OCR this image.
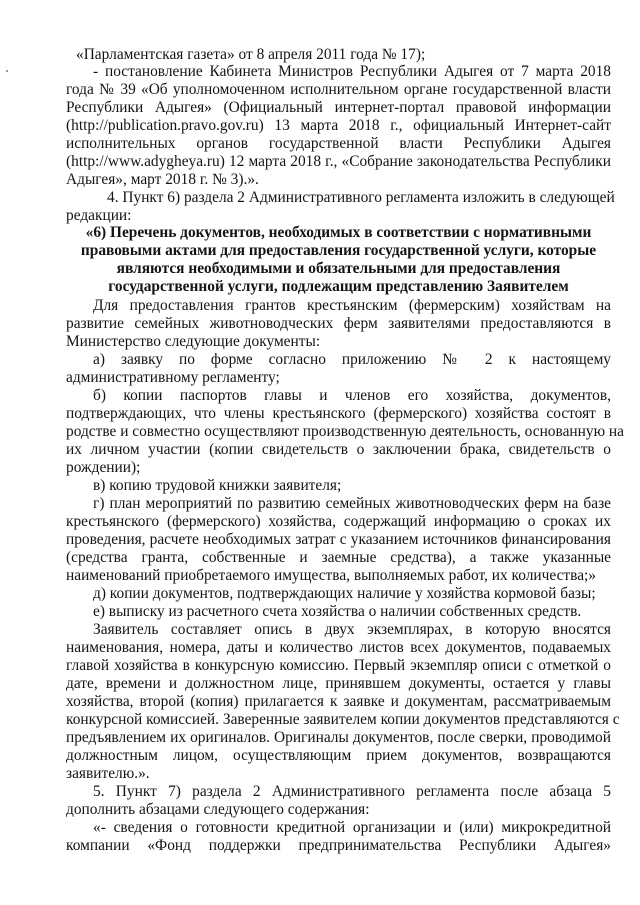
«Парламентская газета» от 8 апреля 2011 года № 17);
- постановление Кабинета Министров Республики Адыгея от 7 марта 2018
года № 39 «Об уполномоченном исполнительном органе государственной власти
Республики Адыгея» (Официальный интернет-портал правовой информации
(http://publication.pravo.gov.ru) 13 марта 2018 г., официальный Интернет-сайт
исполнительных органов государственной власти Республики Адыгея
(http://www.adygheya.ru) 12 марта 2018 г., «Собрание законодательства Республики
Адыгея», март 2018 г. № 3).».
4. Пункт 6) раздела 2 Административного регламента изложить в следующей
редакции:
«6) Перечень документов, необходимых в соответствии с нормативными
правовыми актами для предоставления государственной услуги, которые
являются необходимыми и обязательными для предоставления
государственной услуги, подлежащим представлению Заявителем
Для предоставления грантов крестьянским (фермерским) хозяйствам на
развитие семейных животноводческих ферм заявителями предоставляются в
Министерство следующие документы:
а) заявку по форме согласно приложению № 2 к настоящему
административному регламенту;
б) копии паспортов главы и членов его хозяйства, документов,
подтверждающих, что члены крестьянского (фермерского) хозяйства состоят в
родстве и совместно осуществляют производственную деятельность, основанную на
их личном участии (копии свидетельств о заключении брака, свидетельств о
рождении);
в) копию трудовой книжки заявителя;
г) план мероприятий по развитию семейных животноводческих ферм на базе
крестьянского (фермерского) хозяйства, содержащий информацию о сроках их
проведения, расчете необходимых затрат с указанием источников финансирования
(средства гранта, собственные и заемные средства), а также указанные
наименований приобретаемого имущества, выполняемых работ, их количества;»
д) копии документов, подтверждающих наличие у хозяйства кормовой базы;
е) выписку из расчетного счета хозяйства о наличии собственных средств.
Заявитель составляет опись в двух экземплярах, в которую вносятся
наименования, номера, даты и количество листов всех документов, подаваемых
главой хозяйства в конкурсную комиссию. Первый экземпляр описи с отметкой о
дате, времени и должностном лице, принявшем документы, остается у главы
хозяйства, второй (копия) прилагается к заявке и документам, рассматриваемым
конкурсной комиссией. Заверенные заявителем копии документов представляются с
предъявлением их оригиналов. Оригиналы документов, после сверки, проводимой
должностным лицом, осуществляющим прием документов, возвращаются
заявителю.».
5. Пункт 7) раздела 2 Административного регламента после абзаца 5
дополнить абзацами следующего содержания:
«- сведения о готовности кредитной организации и (или) микрокредитной
компании «Фонд поддержки предпринимательства Республики Адыгея»
